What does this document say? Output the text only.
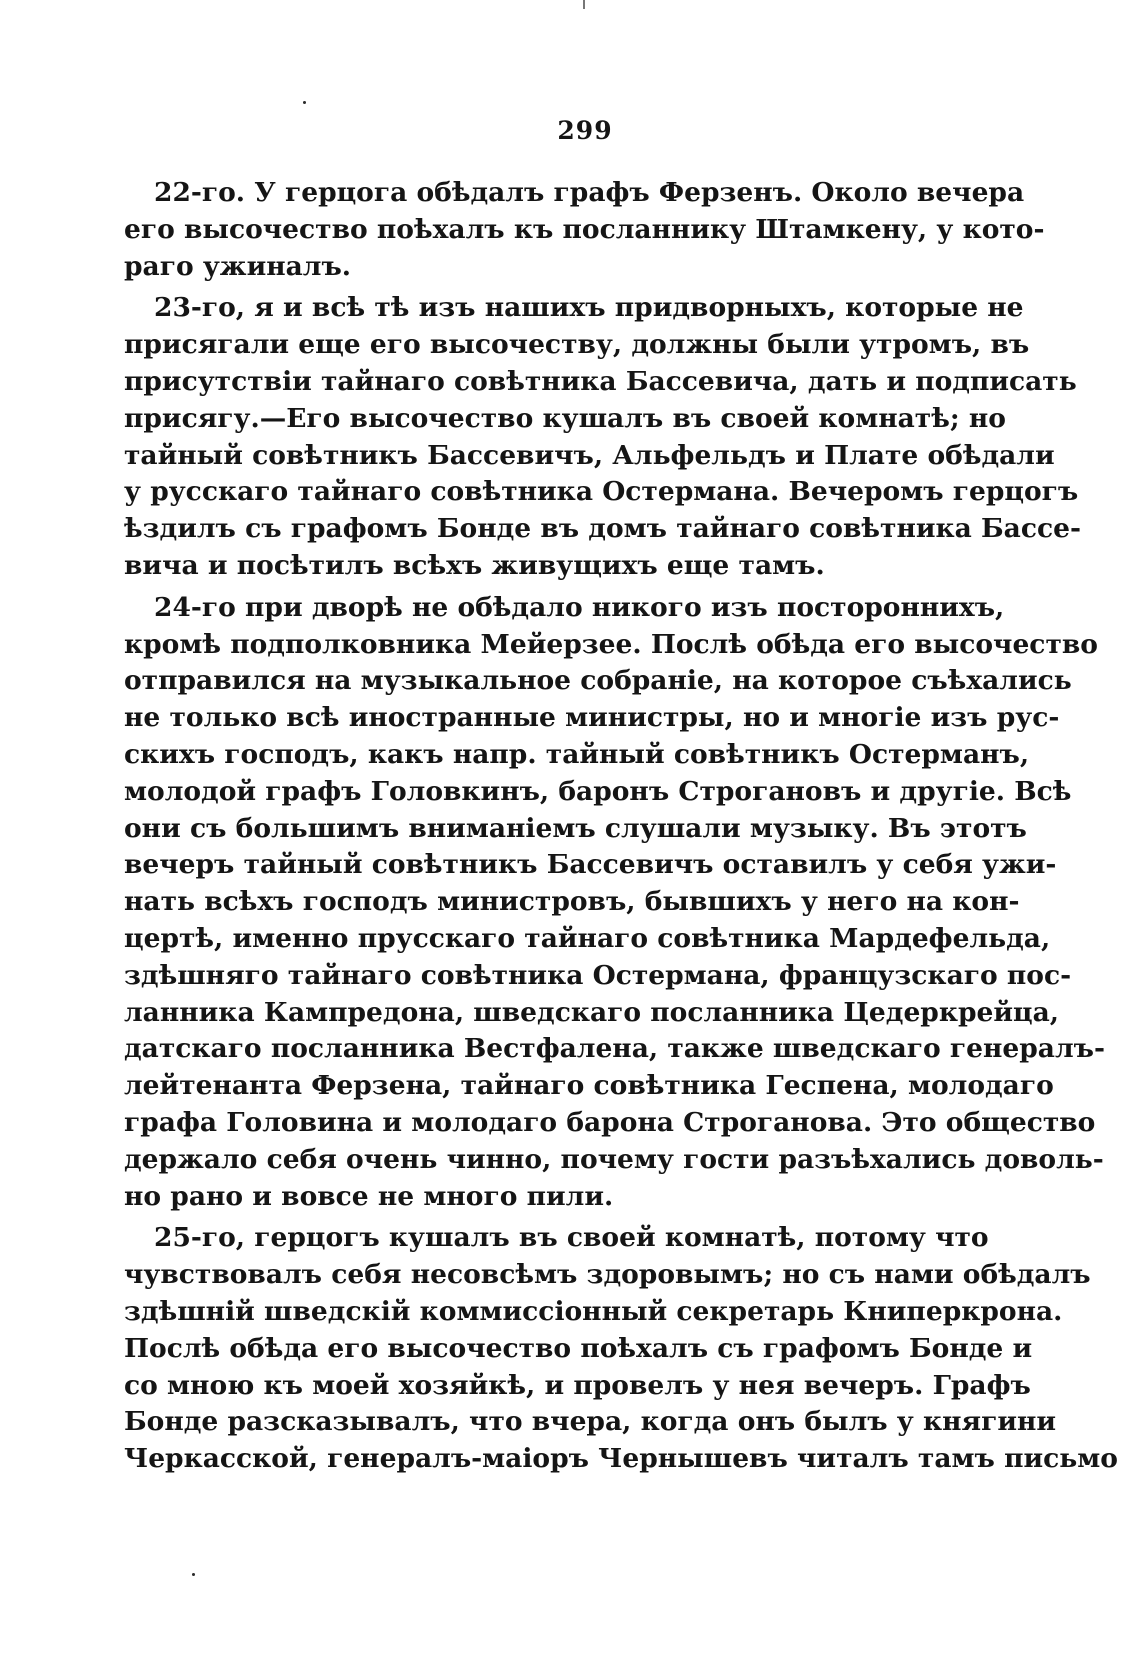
299
22-го. У герцога обѣдалъ графъ Ферзенъ. Около вечера
его высочество поѣхалъ къ посланнику Штамкену, у кото-
раго ужиналъ.
23-го, я и всѣ тѣ изъ нашихъ придворныхъ, которые не
присягали еще его высочеству, должны были утромъ, въ
присутствіи тайнаго совѣтника Бассевича, дать и подписать
присягу.—Его высочество кушалъ въ своей комнатѣ; но
тайный совѣтникъ Бассевичъ, Альфельдъ и Плате обѣдали
у русскаго тайнаго совѣтника Остермана. Вечеромъ герцогъ
ѣздилъ съ графомъ Бонде въ домъ тайнаго совѣтника Бассе-
вича и посѣтилъ всѣхъ живущихъ еще тамъ.
24-го при дворѣ не обѣдало никого изъ постороннихъ,
кромѣ подполковника Мейерзее. Послѣ обѣда его высочество
отправился на музыкальное собраніе, на которое съѣхались
не только всѣ иностранные министры, но и многіе изъ рус-
скихъ господъ, какъ напр. тайный совѣтникъ Остерманъ,
молодой графъ Головкинъ, баронъ Строгановъ и другіе. Всѣ
они съ большимъ вниманіемъ слушали музыку. Въ этотъ
вечеръ тайный совѣтникъ Бассевичъ оставилъ у себя ужи-
нать всѣхъ господъ министровъ, бывшихъ у него на кон-
цертѣ, именно прусскаго тайнаго совѣтника Мардефельда,
здѣшняго тайнаго совѣтника Остермана, французскаго пос-
ланника Кампредона, шведскаго посланника Цедеркрейца,
датскаго посланника Вестфалена, также шведскаго генералъ-
лейтенанта Ферзена, тайнаго совѣтника Геспена, молодаго
графа Головина и молодаго барона Строганова. Это общество
держало себя очень чинно, почему гости разъѣхались доволь-
но рано и вовсе не много пили.
25-го, герцогъ кушалъ въ своей комнатѣ, потому что
чувствовалъ себя несовсѣмъ здоровымъ; но съ нами обѣдалъ
здѣшній шведскій коммиссіонный секретарь Книперкрона.
Послѣ обѣда его высочество поѣхалъ съ графомъ Бонде и
со мною къ моей хозяйкѣ, и провелъ у нея вечеръ. Графъ
Бонде разсказывалъ, что вчера, когда онъ былъ у княгини
Черкасской, генералъ-маіоръ Чернышевъ читалъ тамъ письмо
